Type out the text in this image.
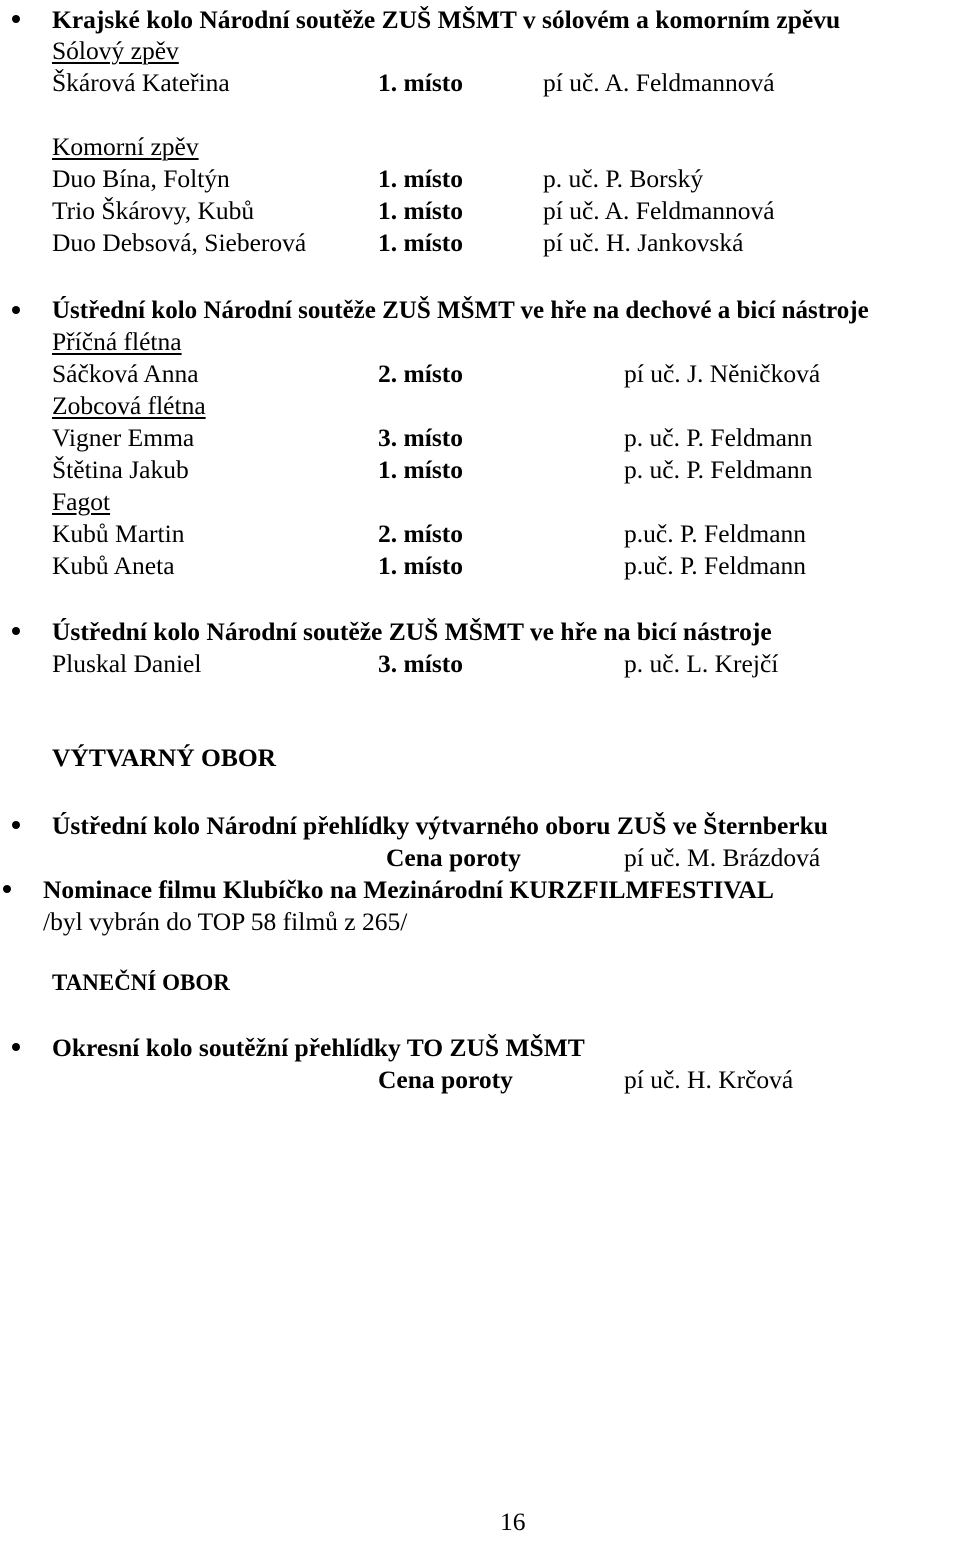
Krajské kolo Národní soutěže ZUŠ MŠMT v sólovém a komorním zpěvu
Sólový zpěv
Škárová Kateřina	1. místo	pí uč. A. Feldmannová
Komorní zpěv
Duo Bína, Foltýn	1. místo	p. uč. P. Borský
Trio Škárovy, Kubů	1. místo	pí uč. A. Feldmannová
Duo Debsová, Sieberová	1. místo	pí uč. H. Jankovská
Ústřední kolo Národní soutěže ZUŠ MŠMT ve hře na dechové a bicí nástroje
Příčná flétna
Sáčková Anna	2. místo	pí uč. J. Něničková
Zobcová flétna
Vigner Emma	3. místo	p. uč. P. Feldmann
Štětina Jakub	1. místo	p. uč. P. Feldmann
Fagot
Kubů Martin	2. místo	p.uč. P. Feldmann
Kubů Aneta	1. místo	p.uč. P. Feldmann
Ústřední kolo Národní soutěže ZUŠ MŠMT ve hře na bicí nástroje
Pluskal Daniel	3. místo	p. uč. L. Krejčí
VÝTVARNÝ OBOR
Ústřední kolo Národní přehlídky výtvarného oboru ZUŠ ve Šternberku
Cena poroty	pí uč. M. Brázdová
Nominace filmu Klubíčko na Mezinárodní KURZFILMFESTIVAL
/byl vybrán do TOP 58 filmů z 265/
TANEČNÍ OBOR
Okresní kolo soutěžní přehlídky TO ZUŠ MŠMT
Cena poroty	pí uč. H. Krčová
16
